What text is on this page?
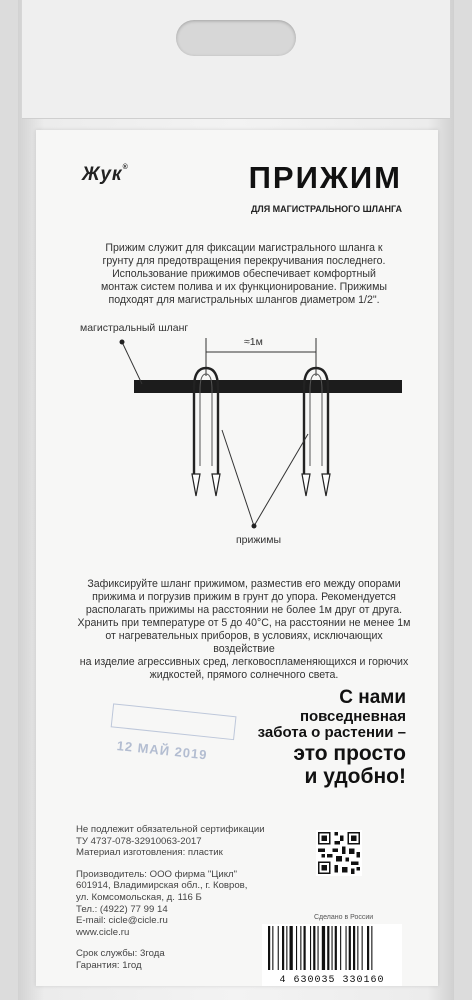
Жук®	ПРИЖИМ
ДЛЯ МАГИСТРАЛЬНОГО ШЛАНГА
Прижим служит для фиксации магистрального шланга к
грунту для предотвращения перекручивания последнего.
Использование прижимов обеспечивает комфортный
монтаж систем полива и их функционирование. Прижимы
подходят для магистральных шлангов диаметром 1/2".
магистральный шланг
≈1м
прижимы
Зафиксируйте шланг прижимом, разместив его между опорами
прижима и погрузив прижим в грунт до упора. Рекомендуется
располагать прижимы на расстоянии не более 1м друг от друга.
Хранить при температуре от 5 до 40°С, на расстоянии не менее 1м
от нагревательных приборов, в условиях, исключающих воздействие
на изделие агрессивных сред, легковоспламеняющихся и горючих
жидкостей, прямого солнечного света.
12 МАЙ 2019
С нами
повседневная
забота о растении –
это просто
и удобно!
Не подлежит обязательной сертификации
ТУ 4737-078-32910063-2017
Материал изготовления: пластик
Производитель: ООО фирма "Цикл"
601914, Владимирская обл., г. Ковров,
ул. Комсомольская, д. 116 Б
Тел.: (4922) 77 99 14
E-mail: cicle@cicle.ru
www.cicle.ru
Срок службы: 3года
Гарантия: 1год
Сделано в России
4 630035 330160
